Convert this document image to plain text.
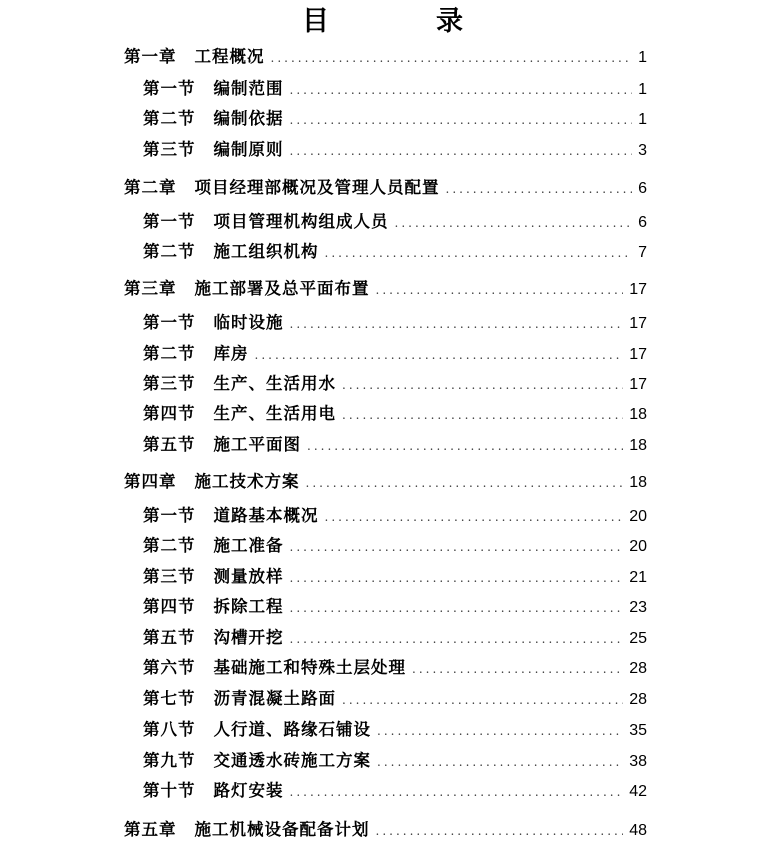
目　录
第一章 工程概况 .....	1
第一节 编制范围 .....	1
第二节 编制依据 .....	1
第三节 编制原则 .....	3
第二章 项目经理部概况及管理人员配置 .....	6
第一节 项目管理机构组成人员 .....	6
第二节 施工组织机构 .....	7
第三章 施工部署及总平面布置 .....	17
第一节 临时设施 .....	17
第二节 库房 .....	17
第三节 生产、生活用水 .....	17
第四节 生产、生活用电 .....	18
第五节 施工平面图 .....	18
第四章 施工技术方案 .....	18
第一节 道路基本概况 .....	20
第二节 施工准备 .....	20
第三节 测量放样 .....	21
第四节 拆除工程 .....	23
第五节 沟槽开挖 .....	25
第六节 基础施工和特殊土层处理 .....	28
第七节 沥青混凝土路面 .....	28
第八节 人行道、路缘石铺设 .....	35
第九节 交通透水砖施工方案 .....	38
第十节 路灯安装 .....	42
第五章 施工机械设备配备计划 .....	48
